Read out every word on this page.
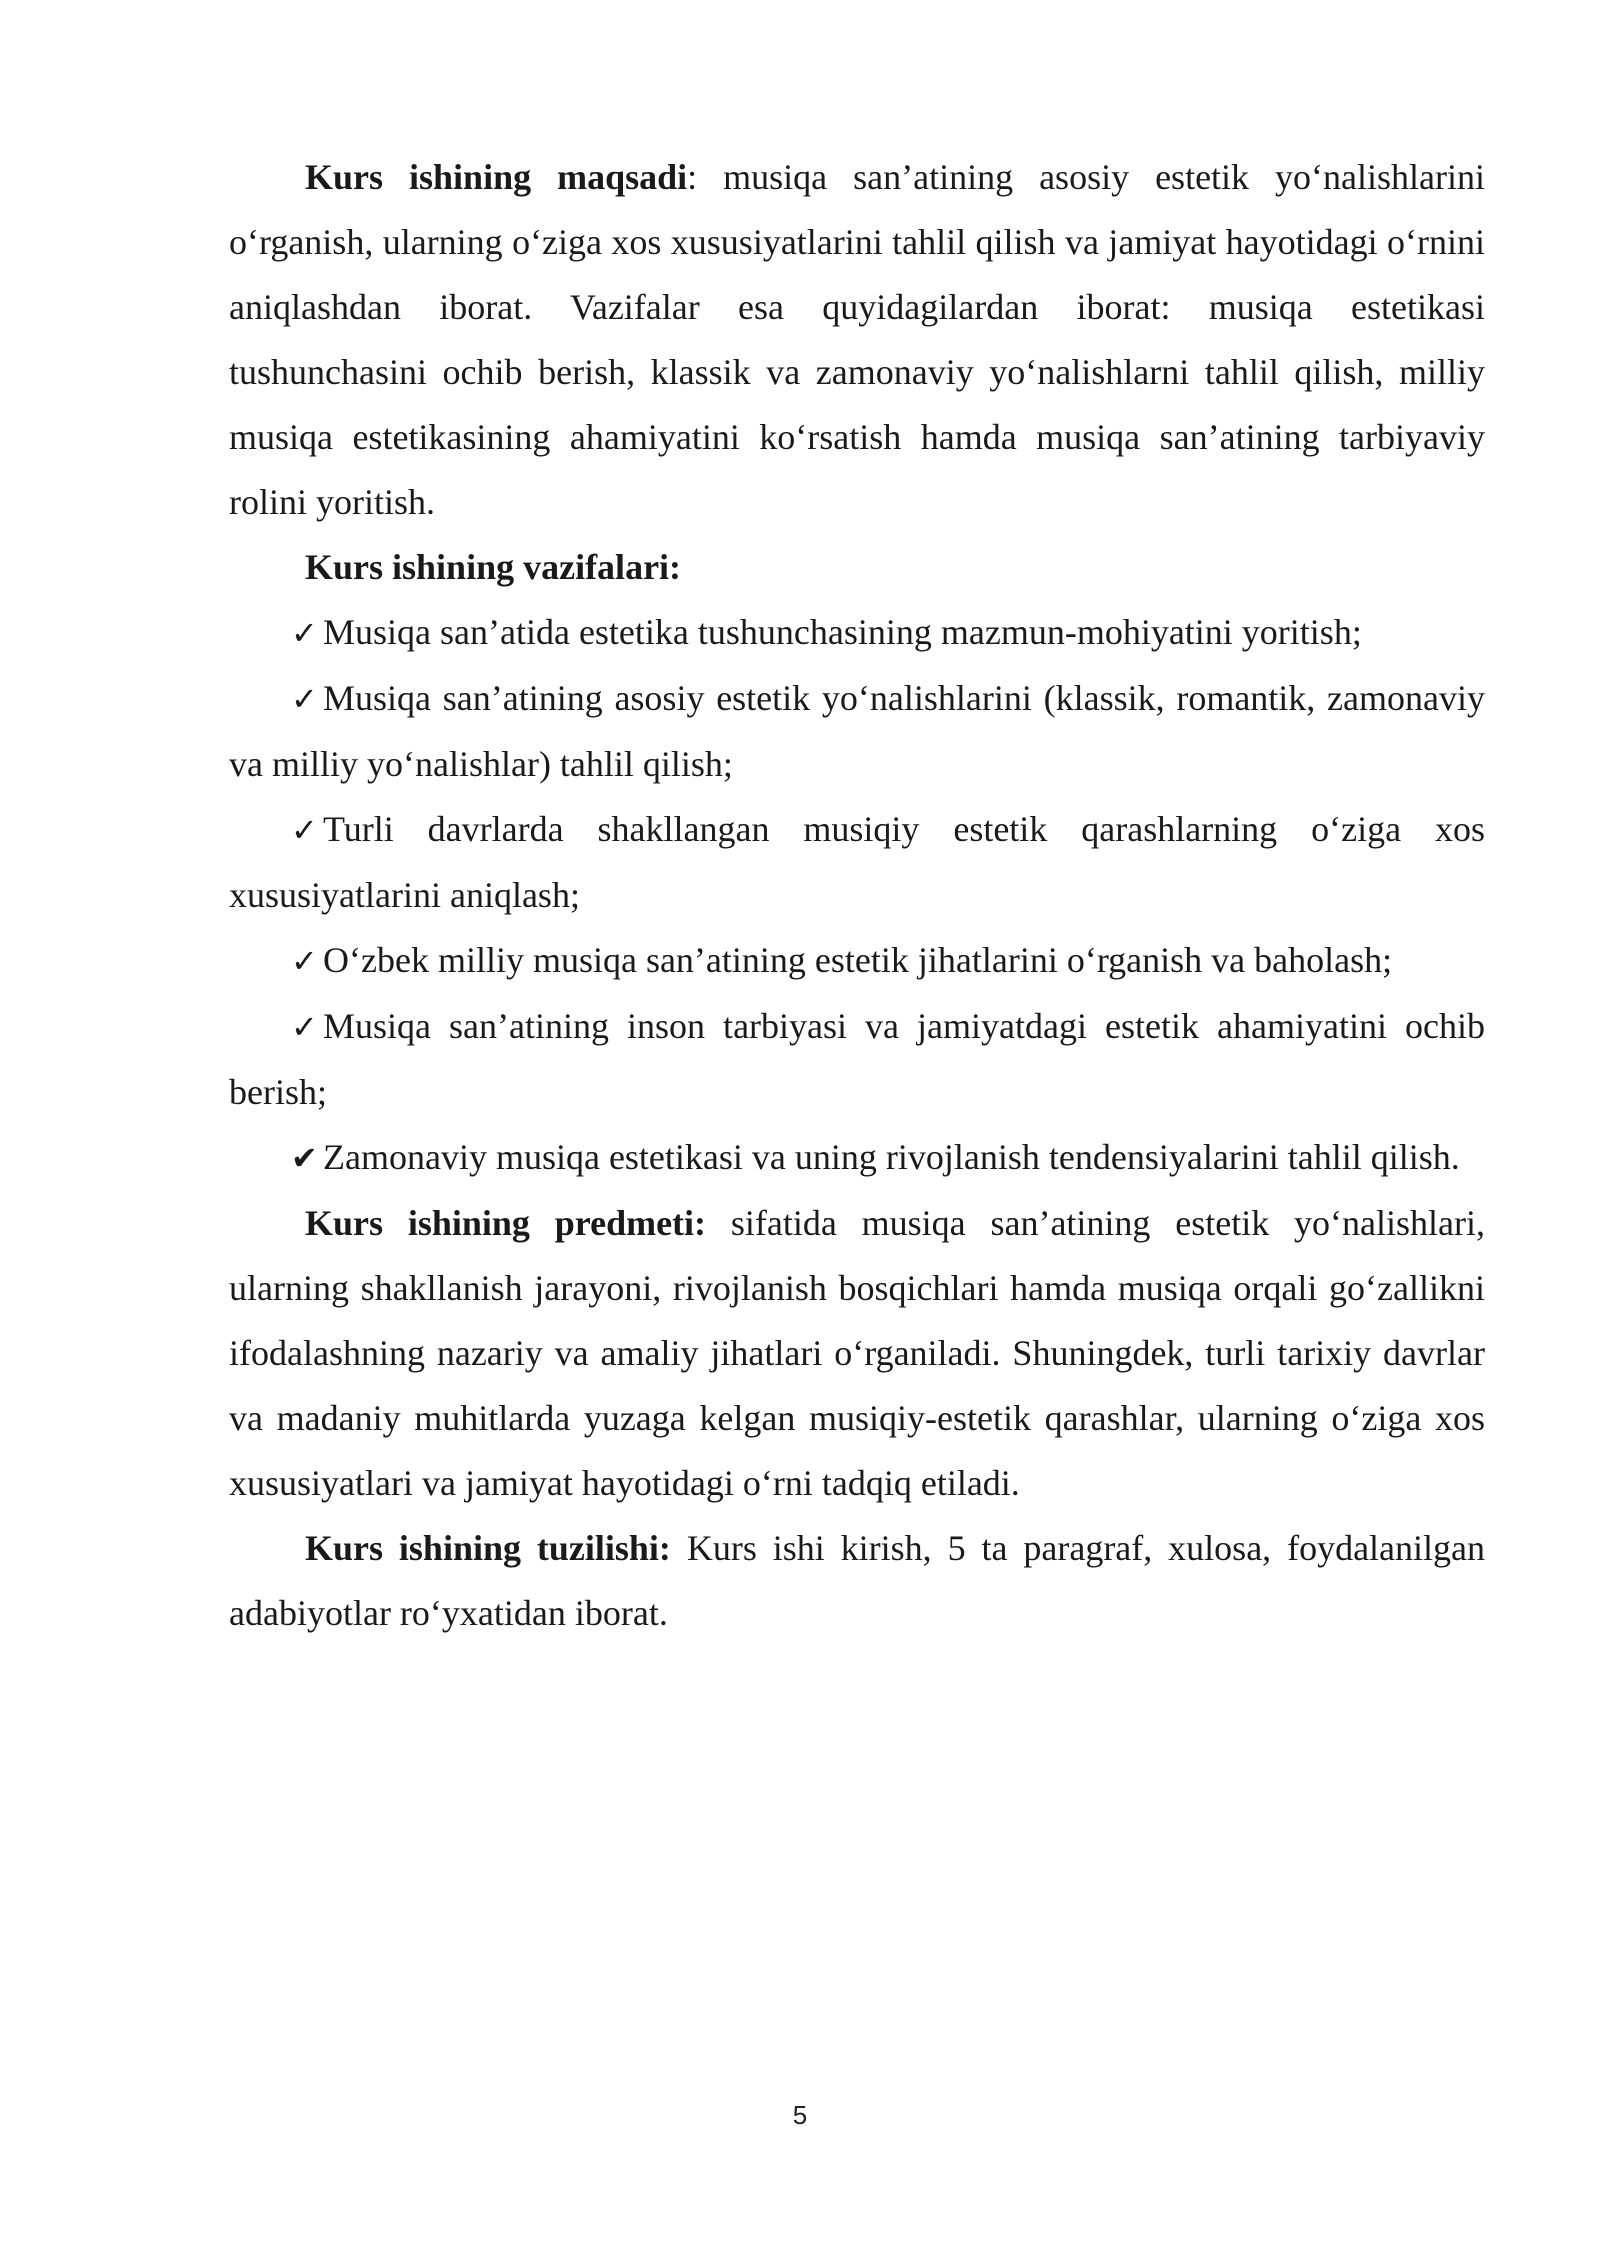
Kurs ishining maqsadi: musiqa san’atining asosiy estetik yo‘nalishlarini o‘rganish, ularning o‘ziga xos xususiyatlarini tahlil qilish va jamiyat hayotidagi o‘rnini aniqlashdan iborat. Vazifalar esa quyidagilardan iborat: musiqa estetikasi tushunchasini ochib berish, klassik va zamonaviy yo‘nalishlarni tahlil qilish, milliy musiqa estetikasining ahamiyatini ko‘rsatish hamda musiqa san’atining tarbiyaviy rolini yoritish.

Kurs ishining vazifalari:

✓ Musiqa san’atida estetika tushunchasining mazmun-mohiyatini yoritish;

✓ Musiqa san’atining asosiy estetik yo‘nalishlarini (klassik, romantik, zamonaviy va milliy yo‘nalishlar) tahlil qilish;

✓ Turli davrlarda shakllangan musiqiy estetik qarashlarning o‘ziga xos xususiyatlarini aniqlash;

✓ O‘zbek milliy musiqa san’atining estetik jihatlarini o‘rganish va baholash;

✓ Musiqa san’atining inson tarbiyasi va jamiyatdagi estetik ahamiyatini ochib berish;

✔ Zamonaviy musiqa estetikasi va uning rivojlanish tendensiyalarini tahlil qilish.

Kurs ishining predmeti: sifatida musiqa san’atining estetik yo‘nalishlari, ularning shakllanish jarayoni, rivojlanish bosqichlari hamda musiqa orqali go‘zallikni ifodalashning nazariy va amaliy jihatlari o‘rganiladi. Shuningdek, turli tarixiy davrlar va madaniy muhitlarda yuzaga kelgan musiqiy-estetik qarashlar, ularning o‘ziga xos xususiyatlari va jamiyat hayotidagi o‘rni tadqiq etiladi.

Kurs ishining tuzilishi: Kurs ishi kirish, 5 ta paragraf, xulosa, foydalanilgan adabiyotlar ro‘yxatidan iborat.

5
